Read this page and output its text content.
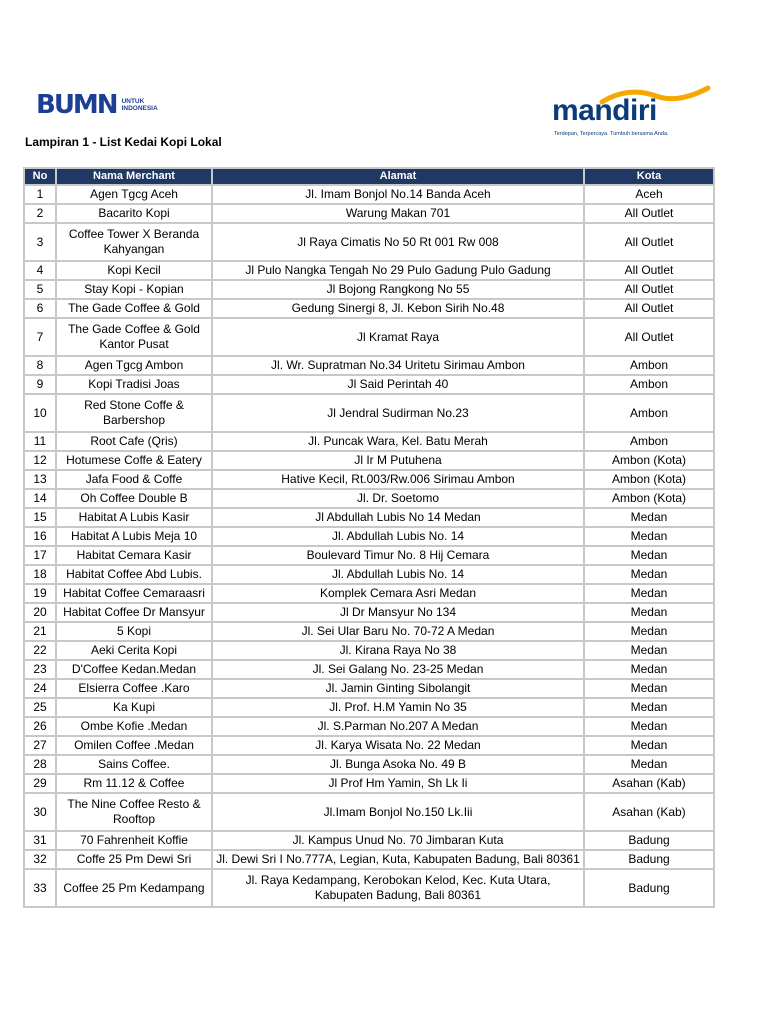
BUMN UNTUK
INDONESIA	mandiri
Terdepan, Terpercaya. Tumbuh bersama Anda.
Lampiran 1 - List Kedai Kopi Lokal
No	Nama Merchant	Alamat	Kota
1	Agen Tgcg Aceh	Jl. Imam Bonjol No.14 Banda Aceh	Aceh
2	Bacarito Kopi	Warung Makan 701	All Outlet
3	Coffee Tower X Beranda Kahyangan	Jl Raya Cimatis No 50 Rt 001 Rw 008	All Outlet
4	Kopi Kecil	Jl Pulo Nangka Tengah No 29 Pulo Gadung Pulo Gadung	All Outlet
5	Stay Kopi - Kopian	Jl Bojong Rangkong No 55	All Outlet
6	The Gade Coffee & Gold	Gedung Sinergi 8, Jl. Kebon Sirih No.48	All Outlet
7	The Gade Coffee & Gold Kantor Pusat	Jl Kramat Raya	All Outlet
8	Agen Tgcg Ambon	Jl. Wr. Supratman No.34 Uritetu Sirimau Ambon	Ambon
9	Kopi Tradisi Joas	Jl Said Perintah 40	Ambon
10	Red Stone Coffe & Barbershop	Jl Jendral Sudirman No.23	Ambon
11	Root Cafe (Qris)	Jl. Puncak Wara, Kel. Batu Merah	Ambon
12	Hotumese Coffe & Eatery	Jl Ir M Putuhena	Ambon (Kota)
13	Jafa Food & Coffe	Hative Kecil, Rt.003/Rw.006 Sirimau Ambon	Ambon (Kota)
14	Oh Coffee Double B	Jl. Dr. Soetomo	Ambon (Kota)
15	Habitat A Lubis Kasir	Jl Abdullah Lubis No 14 Medan	Medan
16	Habitat A Lubis Meja 10	Jl. Abdullah Lubis No. 14	Medan
17	Habitat Cemara Kasir	Boulevard Timur No. 8 Hij Cemara	Medan
18	Habitat Coffee Abd Lubis.	Jl. Abdullah Lubis No. 14	Medan
19	Habitat Coffee Cemaraasri	Komplek Cemara Asri Medan	Medan
20	Habitat Coffee Dr Mansyur	Jl Dr Mansyur No 134	Medan
21	5 Kopi	Jl. Sei Ular Baru No. 70-72 A Medan	Medan
22	Aeki Cerita Kopi	Jl. Kirana Raya No 38	Medan
23	D'Coffee Kedan.Medan	Jl. Sei Galang No. 23-25 Medan	Medan
24	Elsierra Coffee .Karo	Jl. Jamin Ginting Sibolangit	Medan
25	Ka Kupi	Jl. Prof. H.M Yamin No 35	Medan
26	Ombe Kofie .Medan	Jl. S.Parman No.207 A Medan	Medan
27	Omilen Coffee .Medan	Jl. Karya Wisata No. 22 Medan	Medan
28	Sains Coffee.	Jl. Bunga Asoka No. 49 B	Medan
29	Rm 11.12 & Coffee	Jl Prof Hm Yamin, Sh Lk Ii	Asahan (Kab)
30	The Nine Coffee Resto & Rooftop	Jl.Imam Bonjol No.150 Lk.Iii	Asahan (Kab)
31	70 Fahrenheit Koffie	Jl. Kampus Unud No. 70 Jimbaran Kuta	Badung
32	Coffe 25 Pm Dewi Sri	Jl. Dewi Sri I No.777A, Legian, Kuta, Kabupaten Badung, Bali 80361	Badung
33	Coffee 25 Pm Kedampang	Jl. Raya Kedampang, Kerobokan Kelod, Kec. Kuta Utara, Kabupaten Badung, Bali 80361	Badung
